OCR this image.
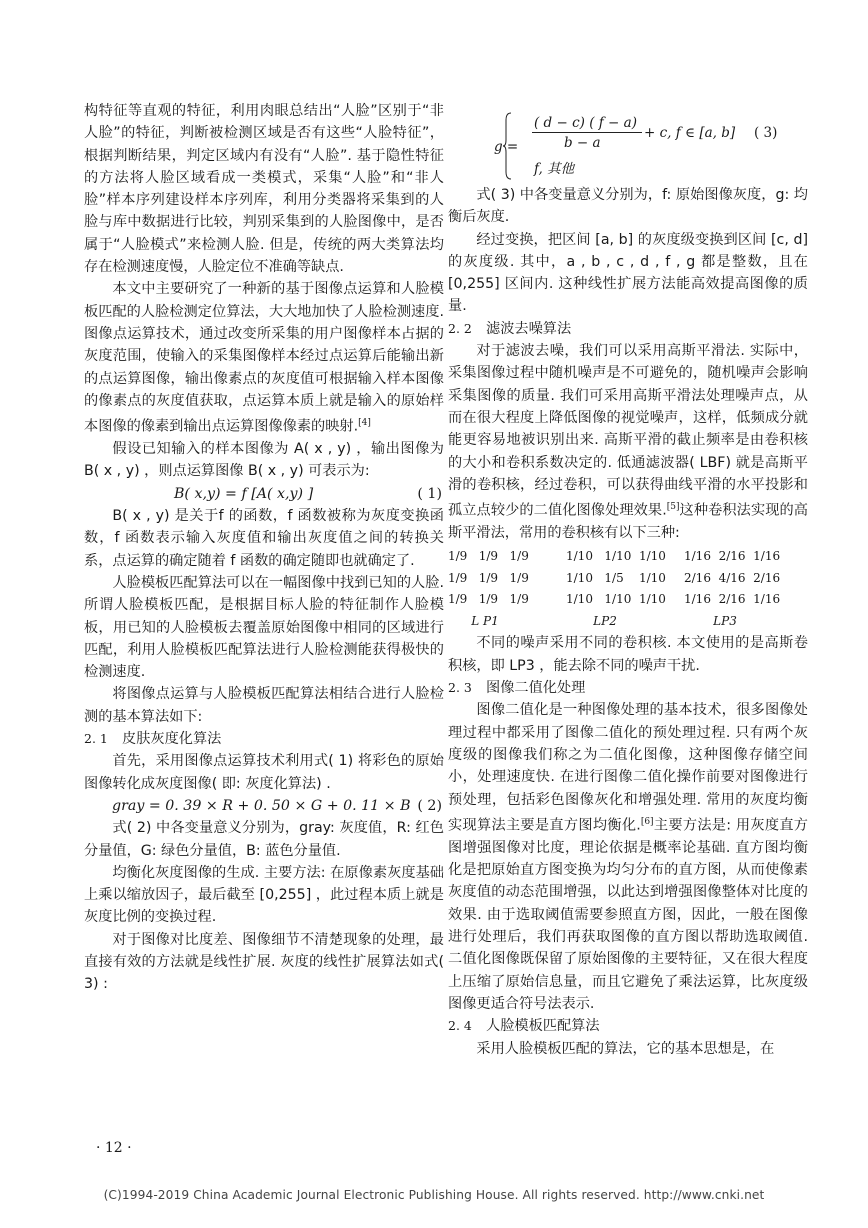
构特征等直观的特征，利用肉眼总结出“人脸”区别于“非人脸”的特征，判断被检测区域是否有这些“人脸特征”，根据判断结果，判定区域内有没有“人脸”. 基于隐性特征的方法将人脸区域看成一类模式，采集“人脸”和“非人脸”样本序列建设样本序列库，利用分类器将采集到的人脸与库中数据进行比较，判别采集到的人脸图像中，是否属于“人脸模式”来检测人脸. 但是，传统的两大类算法均存在检测速度慢，人脸定位不准确等缺点.

本文中主要研究了一种新的基于图像点运算和人脸模板匹配的人脸检测定位算法，大大地加快了人脸检测速度. 图像点运算技术，通过改变所采集的用户图像样本占据的灰度范围，使输入的采集图像样本经过点运算后能输出新的点运算图像，输出像素点的灰度值可根据输入样本图像的像素点的灰度值获取，点运算本质上就是输入的原始样本图像的像素到输出点运算图像像素的映射.[4]

假设已知输入的样本图像为 A( x , y) ，输出图像为 B( x , y) ，则点运算图像 B( x , y) 可表示为:

B( x,y) = f [A( x,y) ]	( 1)

B( x , y) 是关于f 的函数，f 函数被称为灰度变换函数，f 函数表示输入灰度值和输出灰度值之间的转换关系，点运算的确定随着 f 函数的确定随即也就确定了.

人脸模板匹配算法可以在一幅图像中找到已知的人脸. 所谓人脸模板匹配，是根据目标人脸的特征制作人脸模板，用已知的人脸模板去覆盖原始图像中相同的区域进行匹配，利用人脸模板匹配算法进行人脸检测能获得极快的检测速度.

将图像点运算与人脸模板匹配算法相结合进行人脸检测的基本算法如下:

2. 1 皮肤灰度化算法

首先，采用图像点运算技术利用式( 1) 将彩色的原始图像转化成灰度图像( 即: 灰度化算法) .

gray = 0. 39 × R + 0. 50 × G + 0. 11 × B ( 2)

式( 2) 中各变量意义分别为，gray: 灰度值，R: 红色分量值，G: 绿色分量值，B: 蓝色分量值.

均衡化灰度图像的生成. 主要方法: 在原像素灰度基础上乘以缩放因子，最后截至 [0,255] ，此过程本质上就是灰度比例的变换过程.

对于图像对比度差、图像细节不清楚现象的处理，最直接有效的方法就是线性扩展. 灰度的线性扩展算法如式( 3) :

g =
( d − c) ( f − a)
b − a
+ c, f ∈ [a, b] ( 3)
f, 其他

式( 3) 中各变量意义分别为，f: 原始图像灰度，g: 均衡后灰度.

经过变换，把区间 [a, b] 的灰度级变换到区间 [c, d] 的灰度级. 其中，a , b , c , d , f , g 都是整数，且在 [0,255] 区间内. 这种线性扩展方法能高效提高图像的质量.

2. 2 滤波去噪算法

对于滤波去噪，我们可以采用高斯平滑法. 实际中，采集图像过程中随机噪声是不可避免的，随机噪声会影响采集图像的质量. 我们可采用高斯平滑法处理噪声点，从而在很大程度上降低图像的视觉噪声，这样，低频成分就能更容易地被识别出来. 高斯平滑的截止频率是由卷积核的大小和卷积系数决定的. 低通滤波器( LBF) 就是高斯平滑的卷积核，经过卷积，可以获得曲线平滑的水平投影和孤立点较少的二值化图像处理效果.[5]这种卷积法实现的高斯平滑法，常用的卷积核有以下三种:

1/9   1/9   1/9	1/10   1/10  1/10	1/16  2/16  1/16
1/9   1/9   1/9	1/10   1/5    1/10	2/16  4/16  2/16
1/9   1/9   1/9	1/10   1/10  1/10	1/16  2/16  1/16
L P1	LP2	LP3

不同的噪声采用不同的卷积核. 本文使用的是高斯卷积核，即 LP3 ，能去除不同的噪声干扰.

2. 3 图像二值化处理

图像二值化是一种图像处理的基本技术，很多图像处理过程中都采用了图像二值化的预处理过程. 只有两个灰度级的图像我们称之为二值化图像，这种图像存储空间小，处理速度快. 在进行图像二值化操作前要对图像进行预处理，包括彩色图像灰化和增强处理. 常用的灰度均衡实现算法主要是直方图均衡化.[6]主要方法是: 用灰度直方图增强图像对比度，理论依据是概率论基础. 直方图均衡化是把原始直方图变换为均匀分布的直方图，从而使像素灰度值的动态范围增强，以此达到增强图像整体对比度的效果. 由于选取阈值需要参照直方图，因此，一般在图像进行处理后，我们再获取图像的直方图以帮助选取阈值. 二值化图像既保留了原始图像的主要特征，又在很大程度上压缩了原始信息量，而且它避免了乘法运算，比灰度级图像更适合符号法表示.

2. 4 人脸模板匹配算法

采用人脸模板匹配的算法，它的基本思想是，在

· 12 ·
(C)1994-2019 China Academic Journal Electronic Publishing House. All rights reserved. http://www.cnki.net
